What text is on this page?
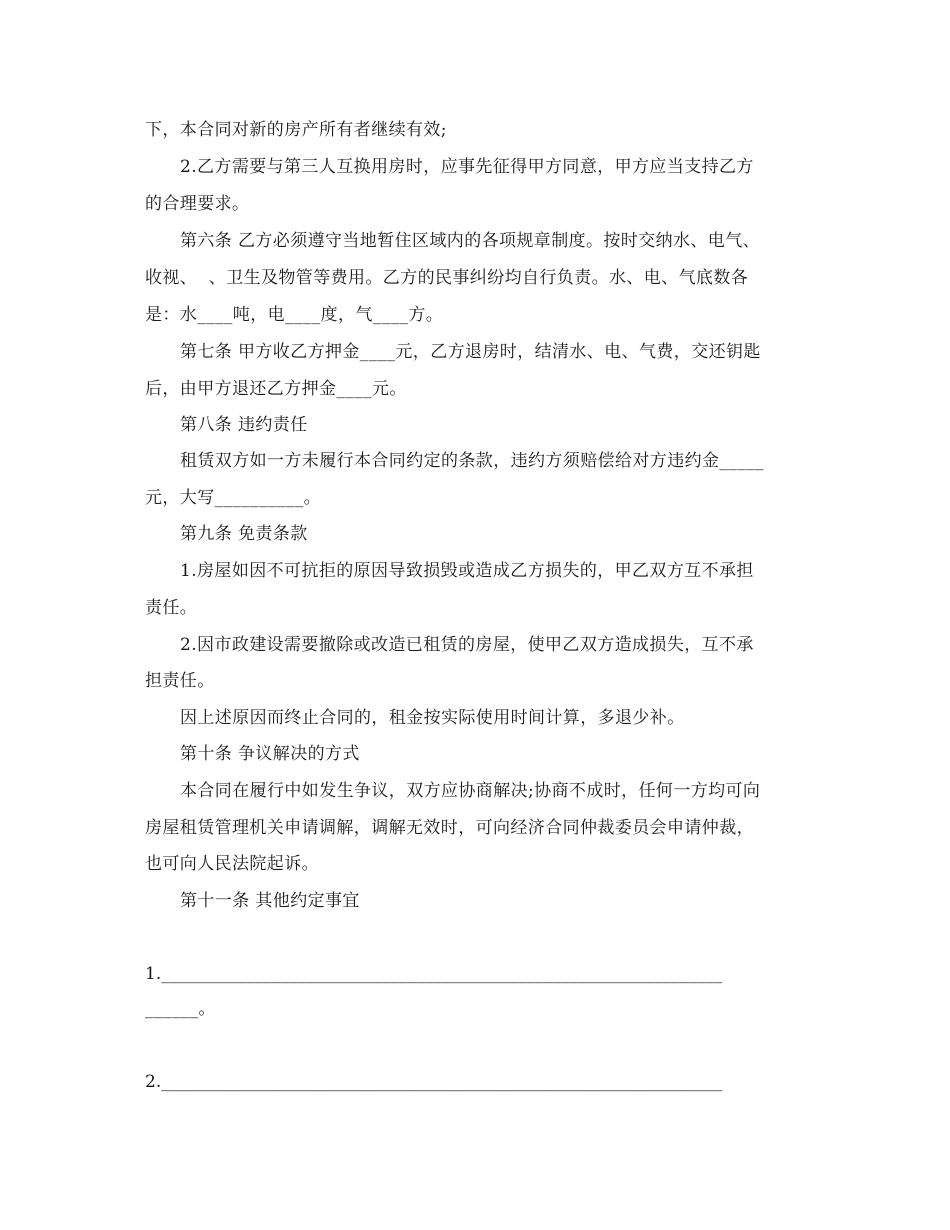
下，本合同对新的房产所有者继续有效;
2.乙方需要与第三人互换用房时，应事先征得甲方同意，甲方应当支持乙方
的合理要求。
第六条 乙方必须遵守当地暂住区域内的各项规章制度。按时交纳水、电气、
收视、  、卫生及物管等费用。乙方的民事纠纷均自行负责。水、电、气底数各
是：水____吨，电____度，气____方。
第七条 甲方收乙方押金____元，乙方退房时，结清水、电、气费，交还钥匙
后，由甲方退还乙方押金____元。
第八条 违约责任
租赁双方如一方未履行本合同约定的条款，违约方须赔偿给对方违约金_____
元，大写__________。
第九条 免责条款
1.房屋如因不可抗拒的原因导致损毁或造成乙方损失的，甲乙双方互不承担
责任。
2.因市政建设需要撤除或改造已租赁的房屋，使甲乙双方造成损失，互不承
担责任。
因上述原因而终止合同的，租金按实际使用时间计算，多退少补。
第十条 争议解决的方式
本合同在履行中如发生争议，双方应协商解决;协商不成时，任何一方均可向
房屋租赁管理机关申请调解，调解无效时，可向经济合同仲裁委员会申请仲裁，
也可向人民法院起诉。
第十一条 其他约定事宜
1.__________________________________________________________________
______。
2.__________________________________________________________________
